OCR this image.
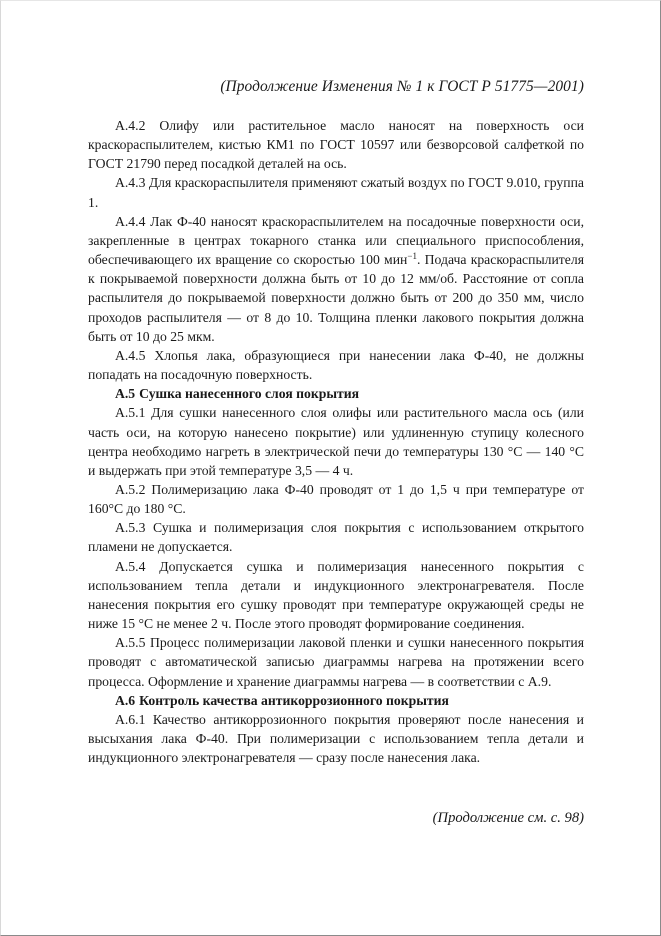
(Продолжение Изменения № 1 к ГОСТ Р 51775—2001)

А.4.2 Олифу или растительное масло наносят на поверхность оси краскораспылителем, кистью КМ1 по ГОСТ 10597 или безворсовой салфеткой по ГОСТ 21790 перед посадкой деталей на ось.

А.4.3 Для краскораспылителя применяют сжатый воздух по ГОСТ 9.010, группа 1.

А.4.4 Лак Ф-40 наносят краскораспылителем на посадочные поверхности оси, закрепленные в центрах токарного станка или специального приспособления, обеспечивающего их вращение со скоростью 100 мин$^{-1}$. Подача краскораспылителя к покрываемой поверхности должна быть от 10 до 12 мм/об. Расстояние от сопла распылителя до покрываемой поверхности должно быть от 200 до 350 мм, число проходов распылителя — от 8 до 10. Толщина пленки лакового покрытия должна быть от 10 до 25 мкм.

А.4.5 Хлопья лака, образующиеся при нанесении лака Ф-40, не должны попадать на посадочную поверхность.

А.5 Сушка нанесенного слоя покрытия

А.5.1 Для сушки нанесенного слоя олифы или растительного масла ось (или часть оси, на которую нанесено покрытие) или удлиненную ступицу колесного центра необходимо нагреть в электрической печи до температуры 130 °С — 140 °С и выдержать при этой температуре 3,5 — 4 ч.

А.5.2 Полимеризацию лака Ф-40 проводят от 1 до 1,5 ч при температуре от 160°С до 180 °С.

А.5.3 Сушка и полимеризация слоя покрытия с использованием открытого пламени не допускается.

А.5.4 Допускается сушка и полимеризация нанесенного покрытия с использованием тепла детали и индукционного электронагревателя. После нанесения покрытия его сушку проводят при температуре окружающей среды не ниже 15 °С не менее 2 ч. После этого проводят формирование соединения.

А.5.5 Процесс полимеризации лаковой пленки и сушки нанесенного покрытия проводят с автоматической записью диаграммы нагрева на протяжении всего процесса. Оформление и хранение диаграммы нагрева — в соответствии с А.9.

А.6 Контроль качества антикоррозионного покрытия

А.6.1 Качество антикоррозионного покрытия проверяют после нанесения и высыхания лака Ф-40. При полимеризации с использованием тепла детали и индукционного электронагревателя — сразу после нанесения лака.

(Продолжение см. с. 98)
